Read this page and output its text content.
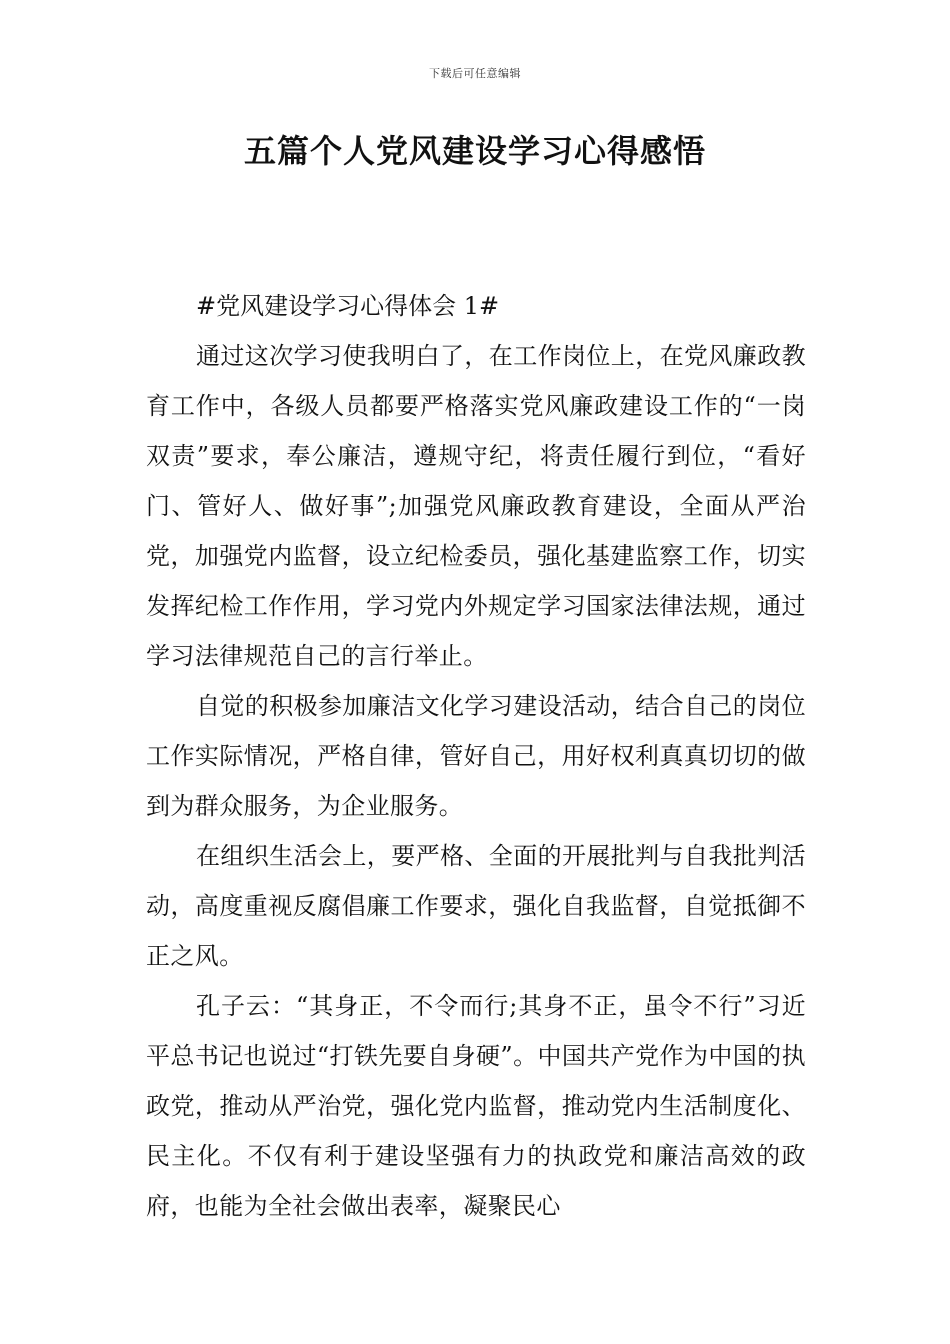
下载后可任意编辑
五篇个人党风建设学习心得感悟

#党风建设学习心得体会 1#

通过这次学习使我明白了，在工作岗位上，在党风廉政教育工作中，各级人员都要严格落实党风廉政建设工作的“一岗双责”要求，奉公廉洁，遵规守纪，将责任履行到位，“看好门、管好人、做好事”;加强党风廉政教育建设，全面从严治党，加强党内监督，设立纪检委员，强化基建监察工作，切实发挥纪检工作作用，学习党内外规定学习国家法律法规，通过学习法律规范自己的言行举止。

自觉的积极参加廉洁文化学习建设活动，结合自己的岗位工作实际情况，严格自律，管好自己，用好权利真真切切的做到为群众服务，为企业服务。

在组织生活会上，要严格、全面的开展批判与自我批判活动，高度重视反腐倡廉工作要求，强化自我监督，自觉抵御不正之风。

孔子云：“其身正，不令而行;其身不正，虽令不行”习近平总书记也说过“打铁先要自身硬”。中国共产党作为中国的执政党，推动从严治党，强化党内监督，推动党内生活制度化、民主化。不仅有利于建设坚强有力的执政党和廉洁高效的政府，也能为全社会做出表率，凝聚民心
